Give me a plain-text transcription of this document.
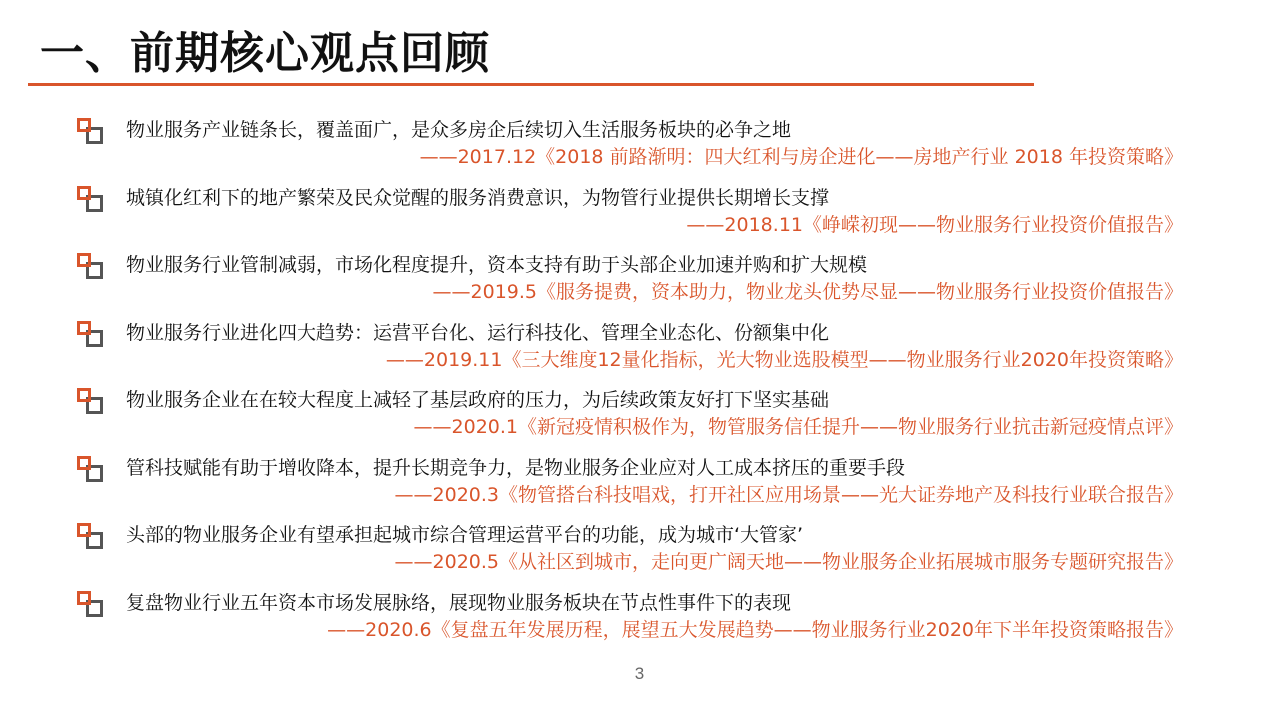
一、前期核心观点回顾
物业服务产业链条长，覆盖面广，是众多房企后续切入生活服务板块的必争之地
——2017.12《2018 前路渐明：四大红利与房企进化——房地产行业 2018 年投资策略》
城镇化红利下的地产繁荣及民众觉醒的服务消费意识，为物管行业提供长期增长支撑
——2018.11《峥嵘初现——物业服务行业投资价值报告》
物业服务行业管制减弱，市场化程度提升，资本支持有助于头部企业加速并购和扩大规模
——2019.5《服务提费，资本助力，物业龙头优势尽显——物业服务行业投资价值报告》
物业服务行业进化四大趋势：运营平台化、运行科技化、管理全业态化、份额集中化
——2019.11《三大维度12量化指标，光大物业选股模型——物业服务行业2020年投资策略》
物业服务企业在在较大程度上减轻了基层政府的压力，为后续政策友好打下坚实基础
——2020.1《新冠疫情积极作为，物管服务信任提升——物业服务行业抗击新冠疫情点评》
管科技赋能有助于增收降本，提升长期竞争力，是物业服务企业应对人工成本挤压的重要手段
——2020.3《物管搭台科技唱戏，打开社区应用场景——光大证券地产及科技行业联合报告》
头部的物业服务企业有望承担起城市综合管理运营平台的功能，成为城市‘大管家’
——2020.5《从社区到城市，走向更广阔天地——物业服务企业拓展城市服务专题研究报告》
复盘物业行业五年资本市场发展脉络，展现物业服务板块在节点性事件下的表现
——2020.6《复盘五年发展历程，展望五大发展趋势——物业服务行业2020年下半年投资策略报告》
3
